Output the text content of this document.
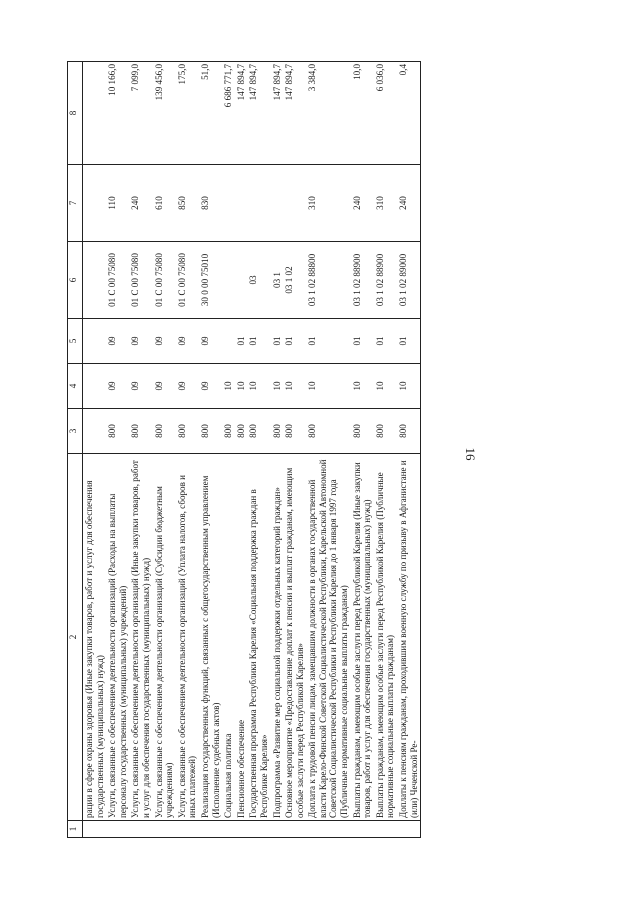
16
1	2	3	4	5	6	7	8
	рации в сфере охраны здоровья (Иные закупки товаров, работ и услуг для обеспечения государственных (муниципальных) нужд)						
	Услуги, связанные с обеспечением деятельности организаций (Расходы на выплаты персоналу государственных (муниципальных) учреждений)	800	09	09	01 С 00 75080	110	10 166,0
	Услуги, связанные с обеспечением деятельности организаций (Иные закупки товаров, работ и услуг для обеспечения государственных (муниципальных) нужд)	800	09	09	01 С 00 75080	240	7 099,0
	Услуги, связанные с обеспечением деятельности организаций (Субсидии бюджетным учреждениям)	800	09	09	01 С 00 75080	610	139 456,0
	Услуги, связанные с обеспечением деятельности организаций (Уплата налогов, сборов и иных платежей)	800	09	09	01 С 00 75080	850	175,0
	Реализация государственных функций, связанных с общегосударственным управлением (Исполнение судебных актов)	800	09	09	30 0 00 75010	830	51,0
	Социальная политика	800	10				6 686 771,7
	Пенсионное обеспечение	800	10	01			147 894,7
	Государственная программа Республики Карелия «Социальная поддержка граждан в Республике Карелия»	800	10	01	03		147 894,7
	Подпрограмма «Развитие мер социальной поддержки отдельных категорий граждан»	800	10	01	03 1		147 894,7
	Основное мероприятие «Предоставление доплат к пенсии и выплат гражданам, имеющим особые заслуги перед Республикой Карелия»	800	10	01	03 1 02		147 894,7
	Доплата к трудовой пенсии лицам, замещавшим должности в органах государственной власти Карело-Финской Советской Социалистической Республики, Карельской Автономной Советской Социалистической Республики и Республики Карелия до 1 января 1997 года (Публичные нормативные социальные выплаты гражданам)	800	10	01	03 1 02 88800	310	3 384,0
	Выплаты гражданам, имеющим особые заслуги перед Республикой Карелия (Иные закупки товаров, работ и услуг для обеспечения государственных (муниципальных) нужд)	800	10	01	03 1 02 88900	240	10,0
	Выплаты гражданам, имеющим особые заслуги перед Республикой Карелия (Публичные нормативные социальные выплаты гражданам)	800	10	01	03 1 02 88900	310	6 036,0
	Доплаты к пенсиям гражданам, проходившим военную службу по призыву в Афганистане и (или) Чеченской Ре-	800	10	01	03 1 02 89000	240	0,4
